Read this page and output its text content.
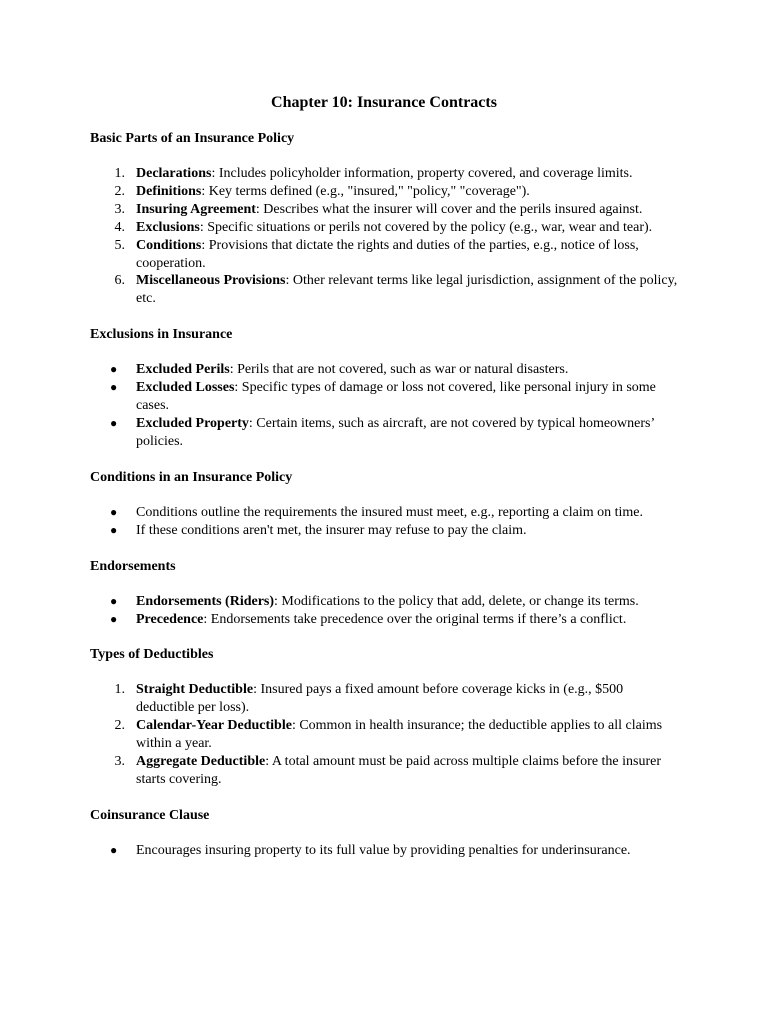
Chapter 10: Insurance Contracts
Basic Parts of an Insurance Policy
1. Declarations: Includes policyholder information, property covered, and coverage limits.
2. Definitions: Key terms defined (e.g., "insured," "policy," "coverage").
3. Insuring Agreement: Describes what the insurer will cover and the perils insured against.
4. Exclusions: Specific situations or perils not covered by the policy (e.g., war, wear and tear).
5. Conditions: Provisions that dictate the rights and duties of the parties, e.g., notice of loss, cooperation.
6. Miscellaneous Provisions: Other relevant terms like legal jurisdiction, assignment of the policy, etc.
Exclusions in Insurance
● Excluded Perils: Perils that are not covered, such as war or natural disasters.
● Excluded Losses: Specific types of damage or loss not covered, like personal injury in some cases.
● Excluded Property: Certain items, such as aircraft, are not covered by typical homeowners’ policies.
Conditions in an Insurance Policy
● Conditions outline the requirements the insured must meet, e.g., reporting a claim on time.
● If these conditions aren't met, the insurer may refuse to pay the claim.
Endorsements
● Endorsements (Riders): Modifications to the policy that add, delete, or change its terms.
● Precedence: Endorsements take precedence over the original terms if there’s a conflict.
Types of Deductibles
1. Straight Deductible: Insured pays a fixed amount before coverage kicks in (e.g., $500 deductible per loss).
2. Calendar-Year Deductible: Common in health insurance; the deductible applies to all claims within a year.
3. Aggregate Deductible: A total amount must be paid across multiple claims before the insurer starts covering.
Coinsurance Clause
● Encourages insuring property to its full value by providing penalties for underinsurance.
